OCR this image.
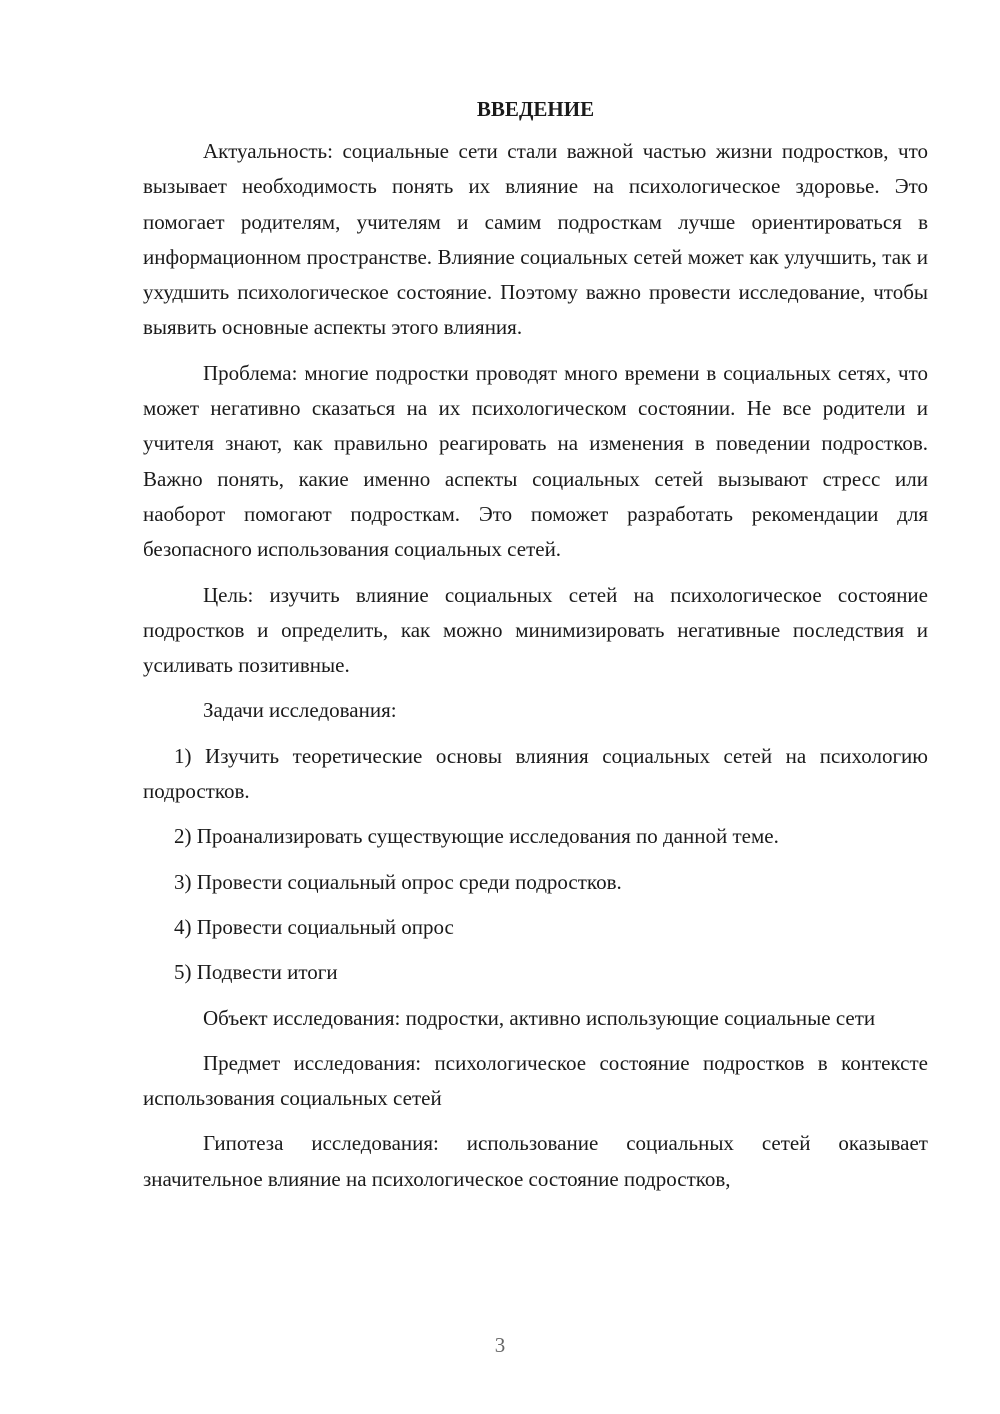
ВВЕДЕНИЕ

Актуальность: социальные сети стали важной частью жизни подростков, что вызывает необходимость понять их влияние на психологическое здоровье. Это помогает родителям, учителям и самим подросткам лучше ориентироваться в информационном пространстве. Влияние социальных сетей может как улучшить, так и ухудшить психологическое состояние. Поэтому важно провести исследование, чтобы выявить основные аспекты этого влияния.

Проблема: многие подростки проводят много времени в социальных сетях, что может негативно сказаться на их психологическом состоянии. Не все родители и учителя знают, как правильно реагировать на изменения в поведении подростков. Важно понять, какие именно аспекты социальных сетей вызывают стресс или наоборот помогают подросткам. Это поможет разработать рекомендации для безопасного использования социальных сетей.

Цель: изучить влияние социальных сетей на психологическое состояние подростков и определить, как можно минимизировать негативные последствия и усиливать позитивные.

Задачи исследования:

1) Изучить теоретические основы влияния социальных сетей на психологию подростков.

2) Проанализировать существующие исследования по данной теме.

3) Провести социальный опрос среди подростков.

4) Провести социальный опрос

5) Подвести итоги

Объект исследования: подростки, активно использующие социальные сети

Предмет исследования: психологическое состояние подростков в контексте использования социальных сетей

Гипотеза исследования: использование социальных сетей оказывает значительное влияние на психологическое состояние подростков,

3
